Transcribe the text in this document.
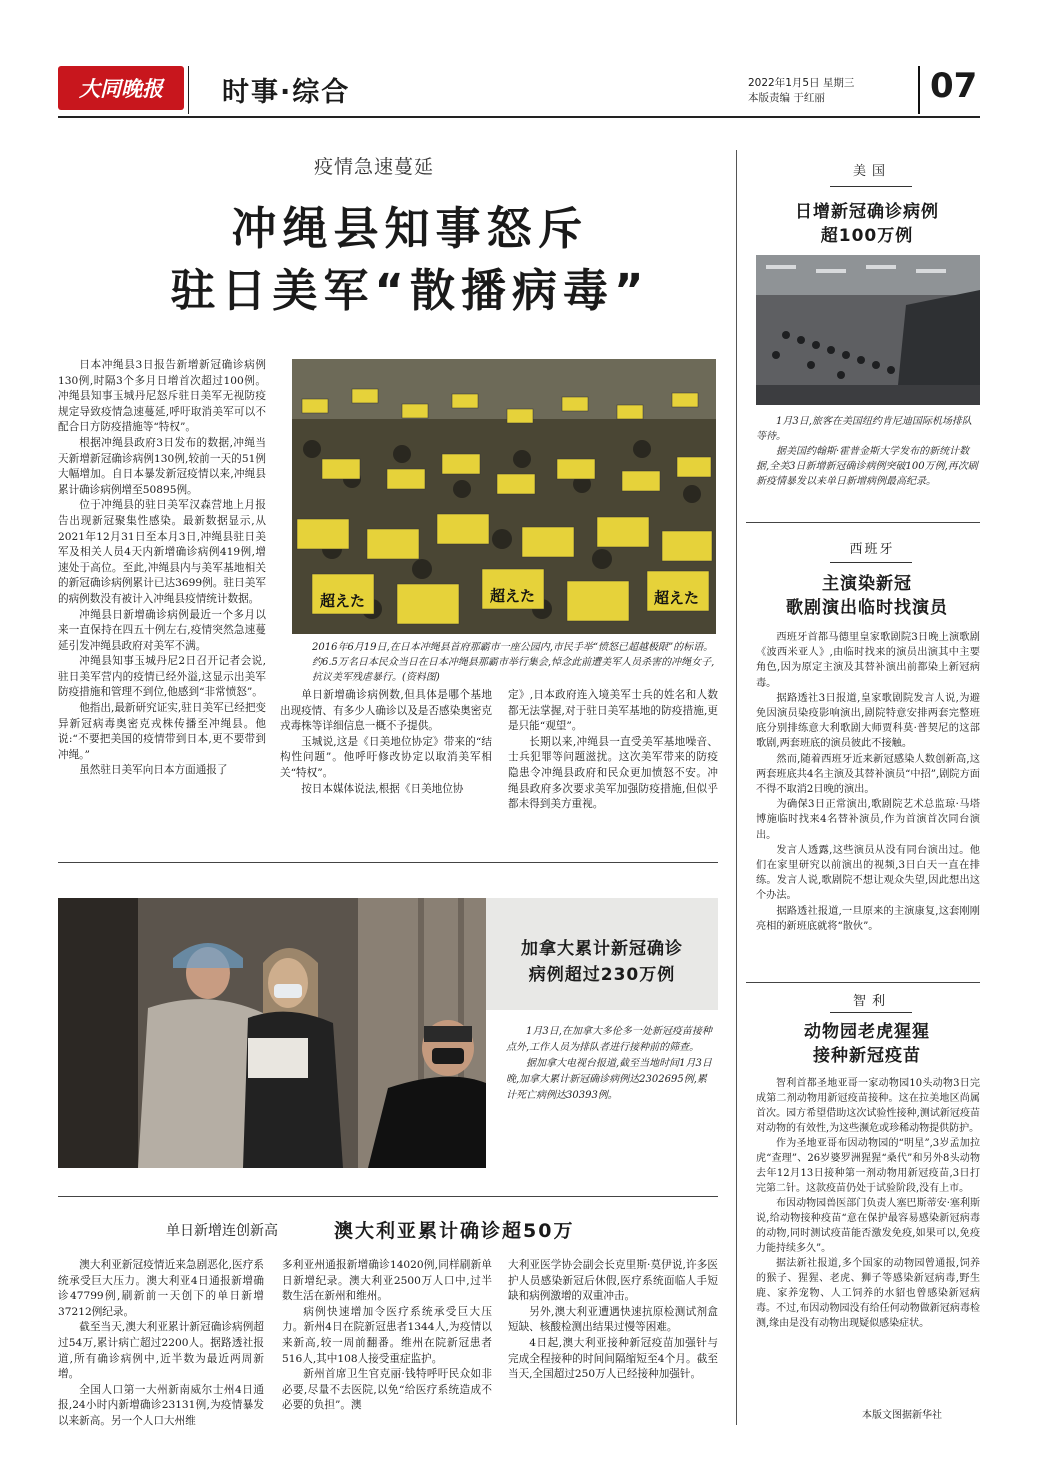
大同晚报 时事·综合	2022年1月5日 星期三
本版责编 于红丽	07
疫情急速蔓延
冲绳县知事怒斥
驻日美军“散播病毒”

日本冲绳县3日报告新增新冠确诊病例130例,时隔3个多月日增首次超过100例。冲绳县知事玉城丹尼怒斥驻日美军无视防疫规定导致疫情急速蔓延,呼吁取消美军可以不配合日方防疫措施等“特权”。

根据冲绳县政府3日发布的数据,冲绳当天新增新冠确诊病例130例,较前一天的51例大幅增加。自日本暴发新冠疫情以来,冲绳县累计确诊病例增至50895例。

位于冲绳县的驻日美军汉森营地上月报告出现新冠聚集性感染。最新数据显示,从2021年12月31日至本月3日,冲绳县驻日美军及相关人员4天内新增确诊病例419例,增速处于高位。至此,冲绳县内与美军基地相关的新冠确诊病例累计已达3699例。驻日美军的病例数没有被计入冲绳县疫情统计数据。

冲绳县日新增确诊病例最近一个多月以来一直保持在四五十例左右,疫情突然急速蔓延引发冲绳县政府对美军不满。

冲绳县知事玉城丹尼2日召开记者会说,驻日美军营内的疫情已经外溢,这显示出美军防疫措施和管理不到位,他感到“非常愤怒”。

他指出,最新研究证实,驻日美军已经把变异新冠病毒奥密克戎株传播至冲绳县。他说:“不要把美国的疫情带到日本,更不要带到冲绳。”

虽然驻日美军向日本方面通报了

超えた	超えた	超えた
2016年6月19日,在日本冲绳县首府那霸市一座公园内,市民手举“愤怒已超越极限”的标语。约6.5万名日本民众当日在日本冲绳县那霸市举行集会,悼念此前遭美军人员杀害的冲绳女子,抗议美军残虐暴行。(资料图)

单日新增确诊病例数,但具体是哪个基地出现疫情、有多少人确诊以及是否感染奥密克戎毒株等详细信息一概不予提供。

玉城说,这是《日美地位协定》带来的“结构性问题”。他呼吁修改协定以取消美军相关“特权”。

按日本媒体说法,根据《日美地位协

定》,日本政府连入境美军士兵的姓名和人数都无法掌握,对于驻日美军基地的防疫措施,更是只能“观望”。

长期以来,冲绳县一直受美军基地噪音、士兵犯罪等问题滋扰。这次美军带来的防疫隐患令冲绳县政府和民众更加愤怒不安。冲绳县政府多次要求美军加强防疫措施,但似乎都未得到美方重视。

加拿大累计新冠确诊
病例超过230万例
1月3日,在加拿大多伦多一处新冠疫苗接种点外,工作人员为排队者进行接种前的筛查。
据加拿大电视台报道,截至当地时间1月3日晚,加拿大累计新冠确诊病例达2302695例,累计死亡病例达30393例。
单日新增连创新高	澳大利亚累计确诊超50万

澳大利亚新冠疫情近来急剧恶化,医疗系统承受巨大压力。澳大利亚4日通报新增确诊47799例,刷新前一天创下的单日新增37212例纪录。

截至当天,澳大利亚累计新冠确诊病例超过54万,累计病亡超过2200人。据路透社报道,所有确诊病例中,近半数为最近两周新增。

全国人口第一大州新南威尔士州4日通报,24小时内新增确诊23131例,为疫情暴发以来新高。另一个人口大州维

多利亚州通报新增确诊14020例,同样刷新单日新增纪录。澳大利亚2500万人口中,过半数生活在新州和维州。

病例快速增加令医疗系统承受巨大压力。新州4日在院新冠患者1344人,为疫情以来新高,较一周前翻番。维州在院新冠患者516人,其中108人接受重症监护。

新州首席卫生官克丽·钱特呼吁民众如非必要,尽量不去医院,以免“给医疗系统造成不必要的负担”。澳

大利亚医学协会副会长克里斯·莫伊说,许多医护人员感染新冠后休假,医疗系统面临人手短缺和病例激增的双重冲击。

另外,澳大利亚遭遇快速抗原检测试剂盒短缺、核酸检测出结果过慢等困难。

4日起,澳大利亚接种新冠疫苗加强针与完成全程接种的时间间隔缩短至4个月。截至当天,全国超过250万人已经接种加强针。

美国
日增新冠确诊病例
超100万例
1月3日,旅客在美国纽约肯尼迪国际机场排队等待。
据美国约翰斯·霍普金斯大学发布的新统计数据,全美3日新增新冠确诊病例突破100万例,再次刷新疫情暴发以来单日新增病例最高纪录。
西班牙
主演染新冠
歌剧演出临时找演员

西班牙首都马德里皇家歌剧院3日晚上演歌剧《波西米亚人》,由临时找来的演员出演其中主要角色,因为原定主演及其替补演出前都染上新冠病毒。

据路透社3日报道,皇家歌剧院发言人说,为避免因演员染疫影响演出,剧院特意安排两套完整班底分别排练意大利歌剧大师贾科莫·普契尼的这部歌剧,两套班底的演员彼此不接触。

然而,随着西班牙近来新冠感染人数创新高,这两套班底共4名主演及其替补演员“中招”,剧院方面不得不取消2日晚的演出。

为确保3日正常演出,歌剧院艺术总监琼·马塔博施临时找来4名替补演员,作为首演首次同台演出。

发言人透露,这些演员从没有同台演出过。他们在家里研究以前演出的视频,3日白天一直在排练。发言人说,歌剧院不想让观众失望,因此想出这个办法。

据路透社报道,一旦原来的主演康复,这套刚刚亮相的新班底就将“散伙”。

智利
动物园老虎猩猩
接种新冠疫苗

智利首都圣地亚哥一家动物园10头动物3日完成第二剂动物用新冠疫苗接种。这在拉美地区尚属首次。园方希望借助这次试验性接种,测试新冠疫苗对动物的有效性,为这些濒危或珍稀动物提供防护。

作为圣地亚哥布因动物园的“明星”,3岁孟加拉虎“查理”、26岁婆罗洲猩猩“桑代”和另外8头动物去年12月13日接种第一剂动物用新冠疫苗,3日打完第二针。这款疫苗仍处于试验阶段,没有上市。

布因动物园兽医部门负责人塞巴斯蒂安·塞利斯说,给动物接种疫苗“意在保护最容易感染新冠病毒的动物,同时测试疫苗能否激发免疫,如果可以,免疫力能持续多久”。

据法新社报道,多个国家的动物园曾通报,饲养的猴子、猩猩、老虎、狮子等感染新冠病毒,野生鹿、家养宠物、人工饲养的水貂也曾感染新冠病毒。不过,布因动物园没有给任何动物做新冠病毒检测,缘由是没有动物出现疑似感染症状。

本版文图据新华社
